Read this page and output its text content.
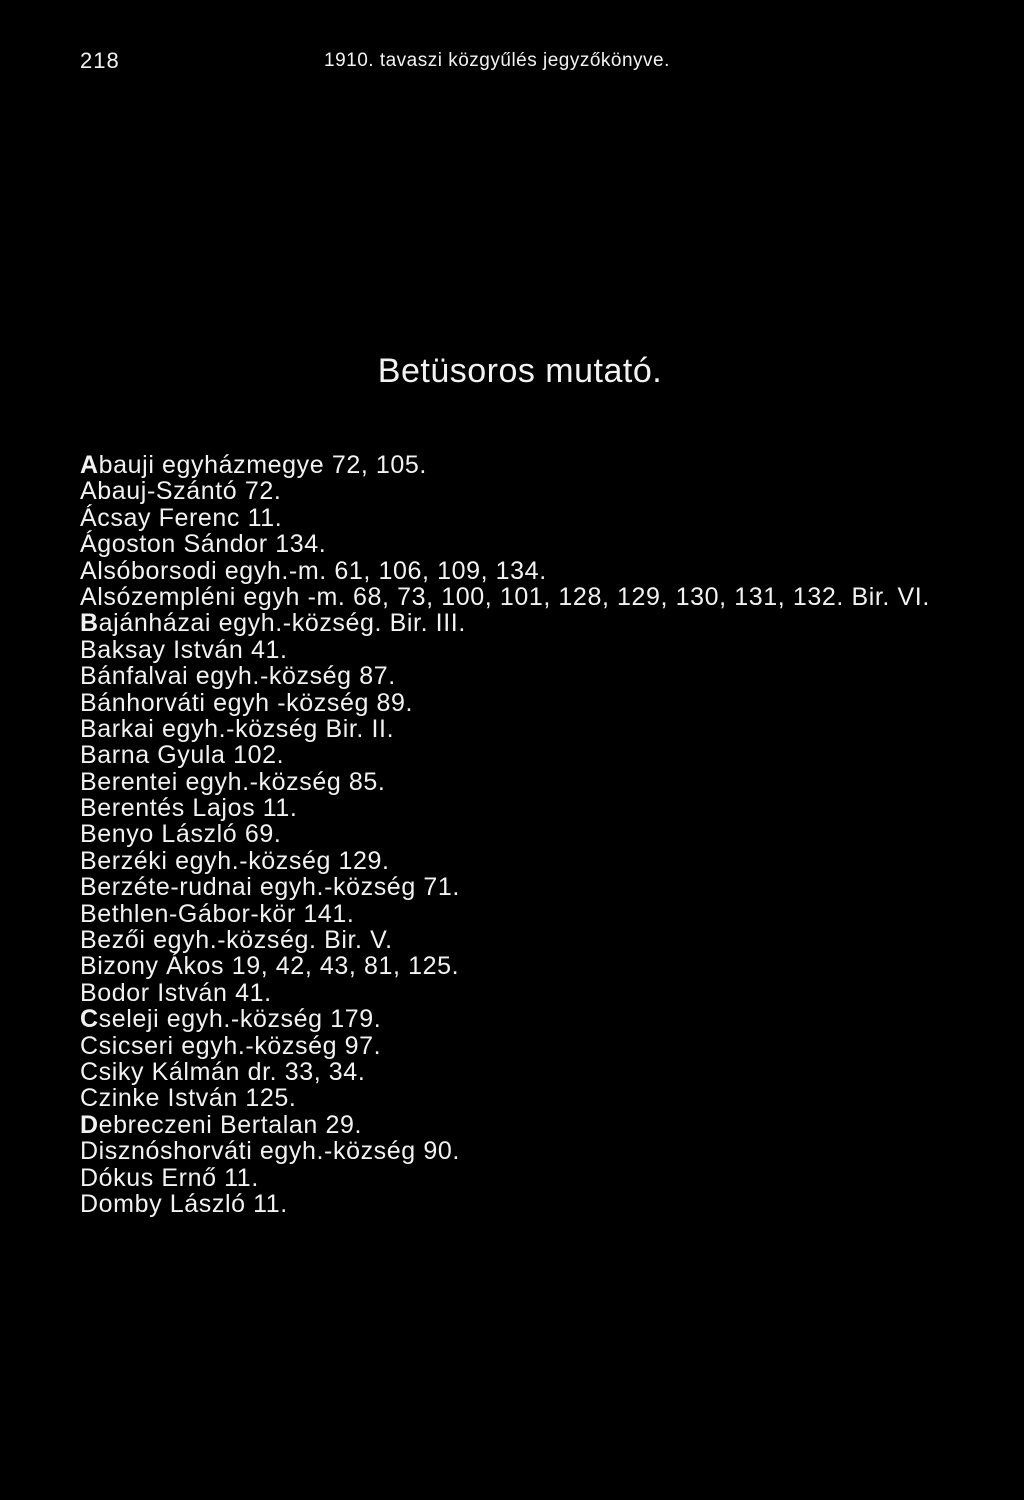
218	1910. tavaszi közgyűlés jegyzőkönyve.
Betüsoros mutató.
Abauji egyházmegye 72, 105.
Abauj-Szántó 72.
Ácsay Ferenc 11.
Ágoston Sándor 134.
Alsóborsodi egyh.-m. 61, 106, 109, 134.
Alsózempléni egyh -m. 68, 73, 100, 101, 128, 129, 130, 131, 132. Bir. VI.
Bajánházai egyh.-község. Bir. III.
Baksay István 41.
Bánfalvai egyh.-község 87.
Bánhorváti egyh -község 89.
Barkai egyh.-község Bir. II.
Barna Gyula 102.
Berentei egyh.-község 85.
Berentés Lajos 11.
Benyo László 69.
Berzéki egyh.-község 129.
Berzéte-rudnai egyh.-község 71.
Bethlen-Gábor-kör 141.
Bezői egyh.-község. Bir. V.
Bizony Ákos 19, 42, 43, 81, 125.
Bodor István 41.
Cseleji egyh.-község 179.
Csicseri egyh.-község 97.
Csiky Kálmán dr. 33, 34.
Czinke István 125.
Debreczeni Bertalan 29.
Disznóshorváti egyh.-község 90.
Dókus Ernő 11.
Domby László 11.
